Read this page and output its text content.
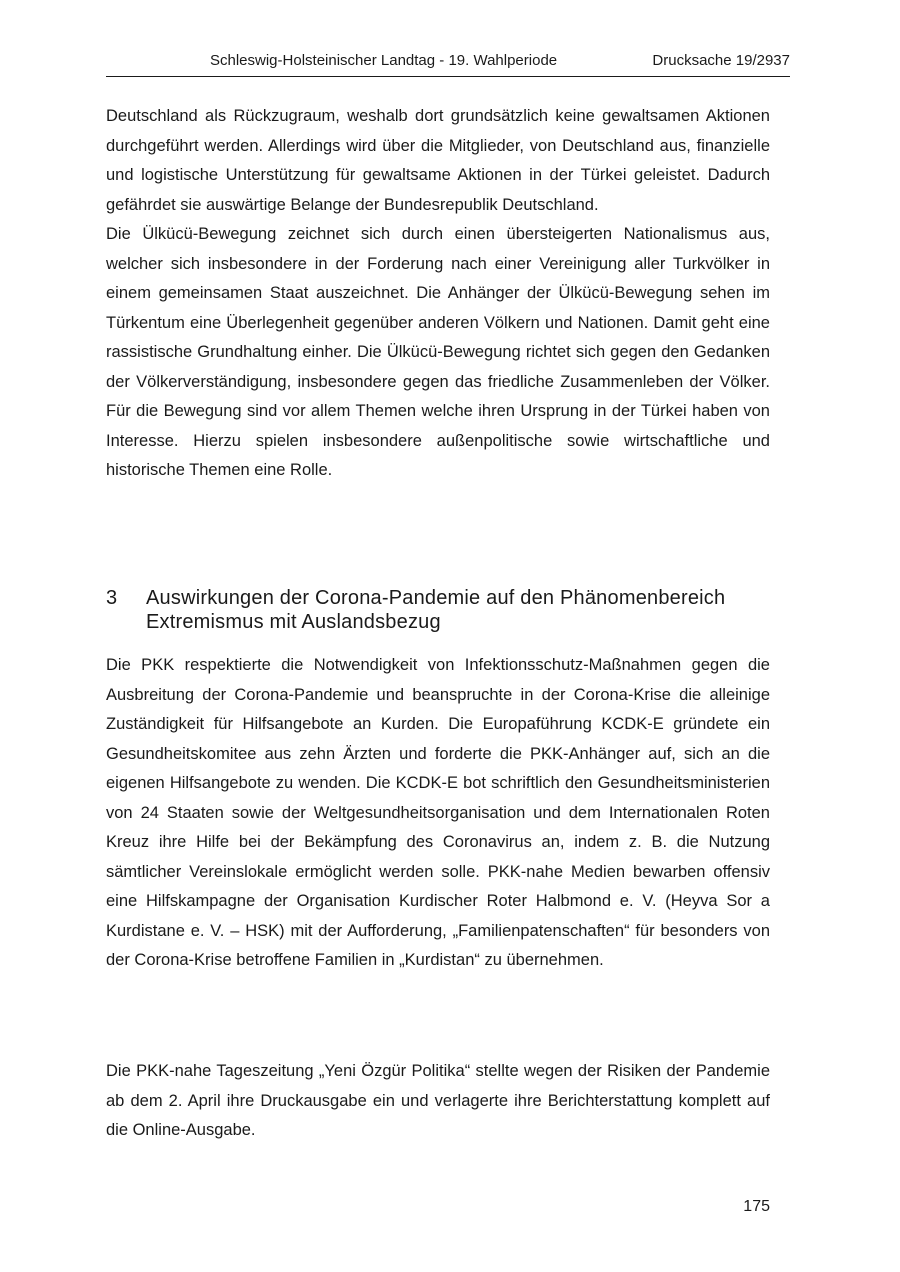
Schleswig-Holsteinischer Landtag - 19. Wahlperiode	Drucksache 19/2937

Deutschland als Rückzugraum, weshalb dort grundsätzlich keine gewaltsamen Aktionen durchgeführt werden. Allerdings wird über die Mitglieder, von Deutschland aus, finanzielle und logistische Unterstützung für gewaltsame Aktionen in der Türkei geleistet. Dadurch gefährdet sie auswärtige Belange der Bundesrepublik Deutschland.

Die Ülkücü-Bewegung zeichnet sich durch einen übersteigerten Nationalismus aus, welcher sich insbesondere in der Forderung nach einer Vereinigung aller Turkvölker in einem gemeinsamen Staat auszeichnet. Die Anhänger der Ülkücü-Bewegung sehen im Türkentum eine Überlegenheit gegenüber anderen Völkern und Nationen. Damit geht eine rassistische Grundhaltung einher. Die Ülkücü-Bewegung richtet sich gegen den Gedanken der Völkerverständigung, insbesondere gegen das friedliche Zusammenleben der Völker. Für die Bewegung sind vor allem Themen welche ihren Ursprung in der Türkei haben von Interesse. Hierzu spielen insbesondere außenpolitische sowie wirtschaftliche und historische Themen eine Rolle.

3 Auswirkungen der Corona-Pandemie auf den Phänomenbereich
Extremismus mit Auslandsbezug

Die PKK respektierte die Notwendigkeit von Infektionsschutz-Maßnahmen gegen die Ausbreitung der Corona-Pandemie und beanspruchte in der Corona-Krise die alleinige Zuständigkeit für Hilfsangebote an Kurden. Die Europaführung KCDK-E gründete ein Gesundheitskomitee aus zehn Ärzten und forderte die PKK-Anhänger auf, sich an die eigenen Hilfsangebote zu wenden. Die KCDK-E bot schriftlich den Gesundheitsministerien von 24 Staaten sowie der Weltgesundheitsorganisation und dem Internationalen Roten Kreuz ihre Hilfe bei der Bekämpfung des Coronavirus an, indem z. B. die Nutzung sämtlicher Vereinslokale ermöglicht werden solle. PKK-nahe Medien bewarben offensiv eine Hilfskampagne der Organisation Kurdischer Roter Halbmond e. V. (Heyva Sor a Kurdistane e. V. – HSK) mit der Aufforderung, „Familienpatenschaften“ für besonders von der Corona-Krise betroffene Familien in „Kurdistan“ zu übernehmen.

Die PKK-nahe Tageszeitung „Yeni Özgür Politika“ stellte wegen der Risiken der Pandemie ab dem 2. April ihre Druckausgabe ein und verlagerte ihre Berichterstattung komplett auf die Online-Ausgabe.

175
